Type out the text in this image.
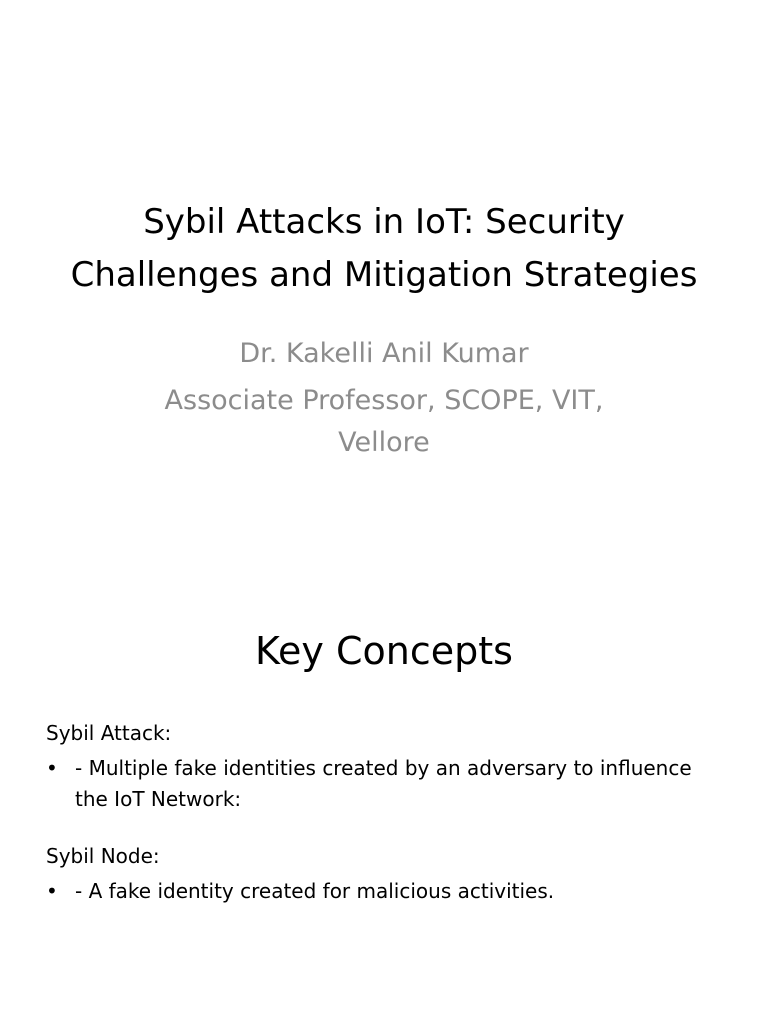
Sybil Attacks in IoT: Security
Challenges and Mitigation Strategies

Dr. Kakelli Anil Kumar

Associate Professor, SCOPE, VIT,
Vellore

Key Concepts

Sybil Attack:

• - Multiple fake identities created by an adversary to influence the IoT Network:

Sybil Node:

• - A fake identity created for malicious activities.
